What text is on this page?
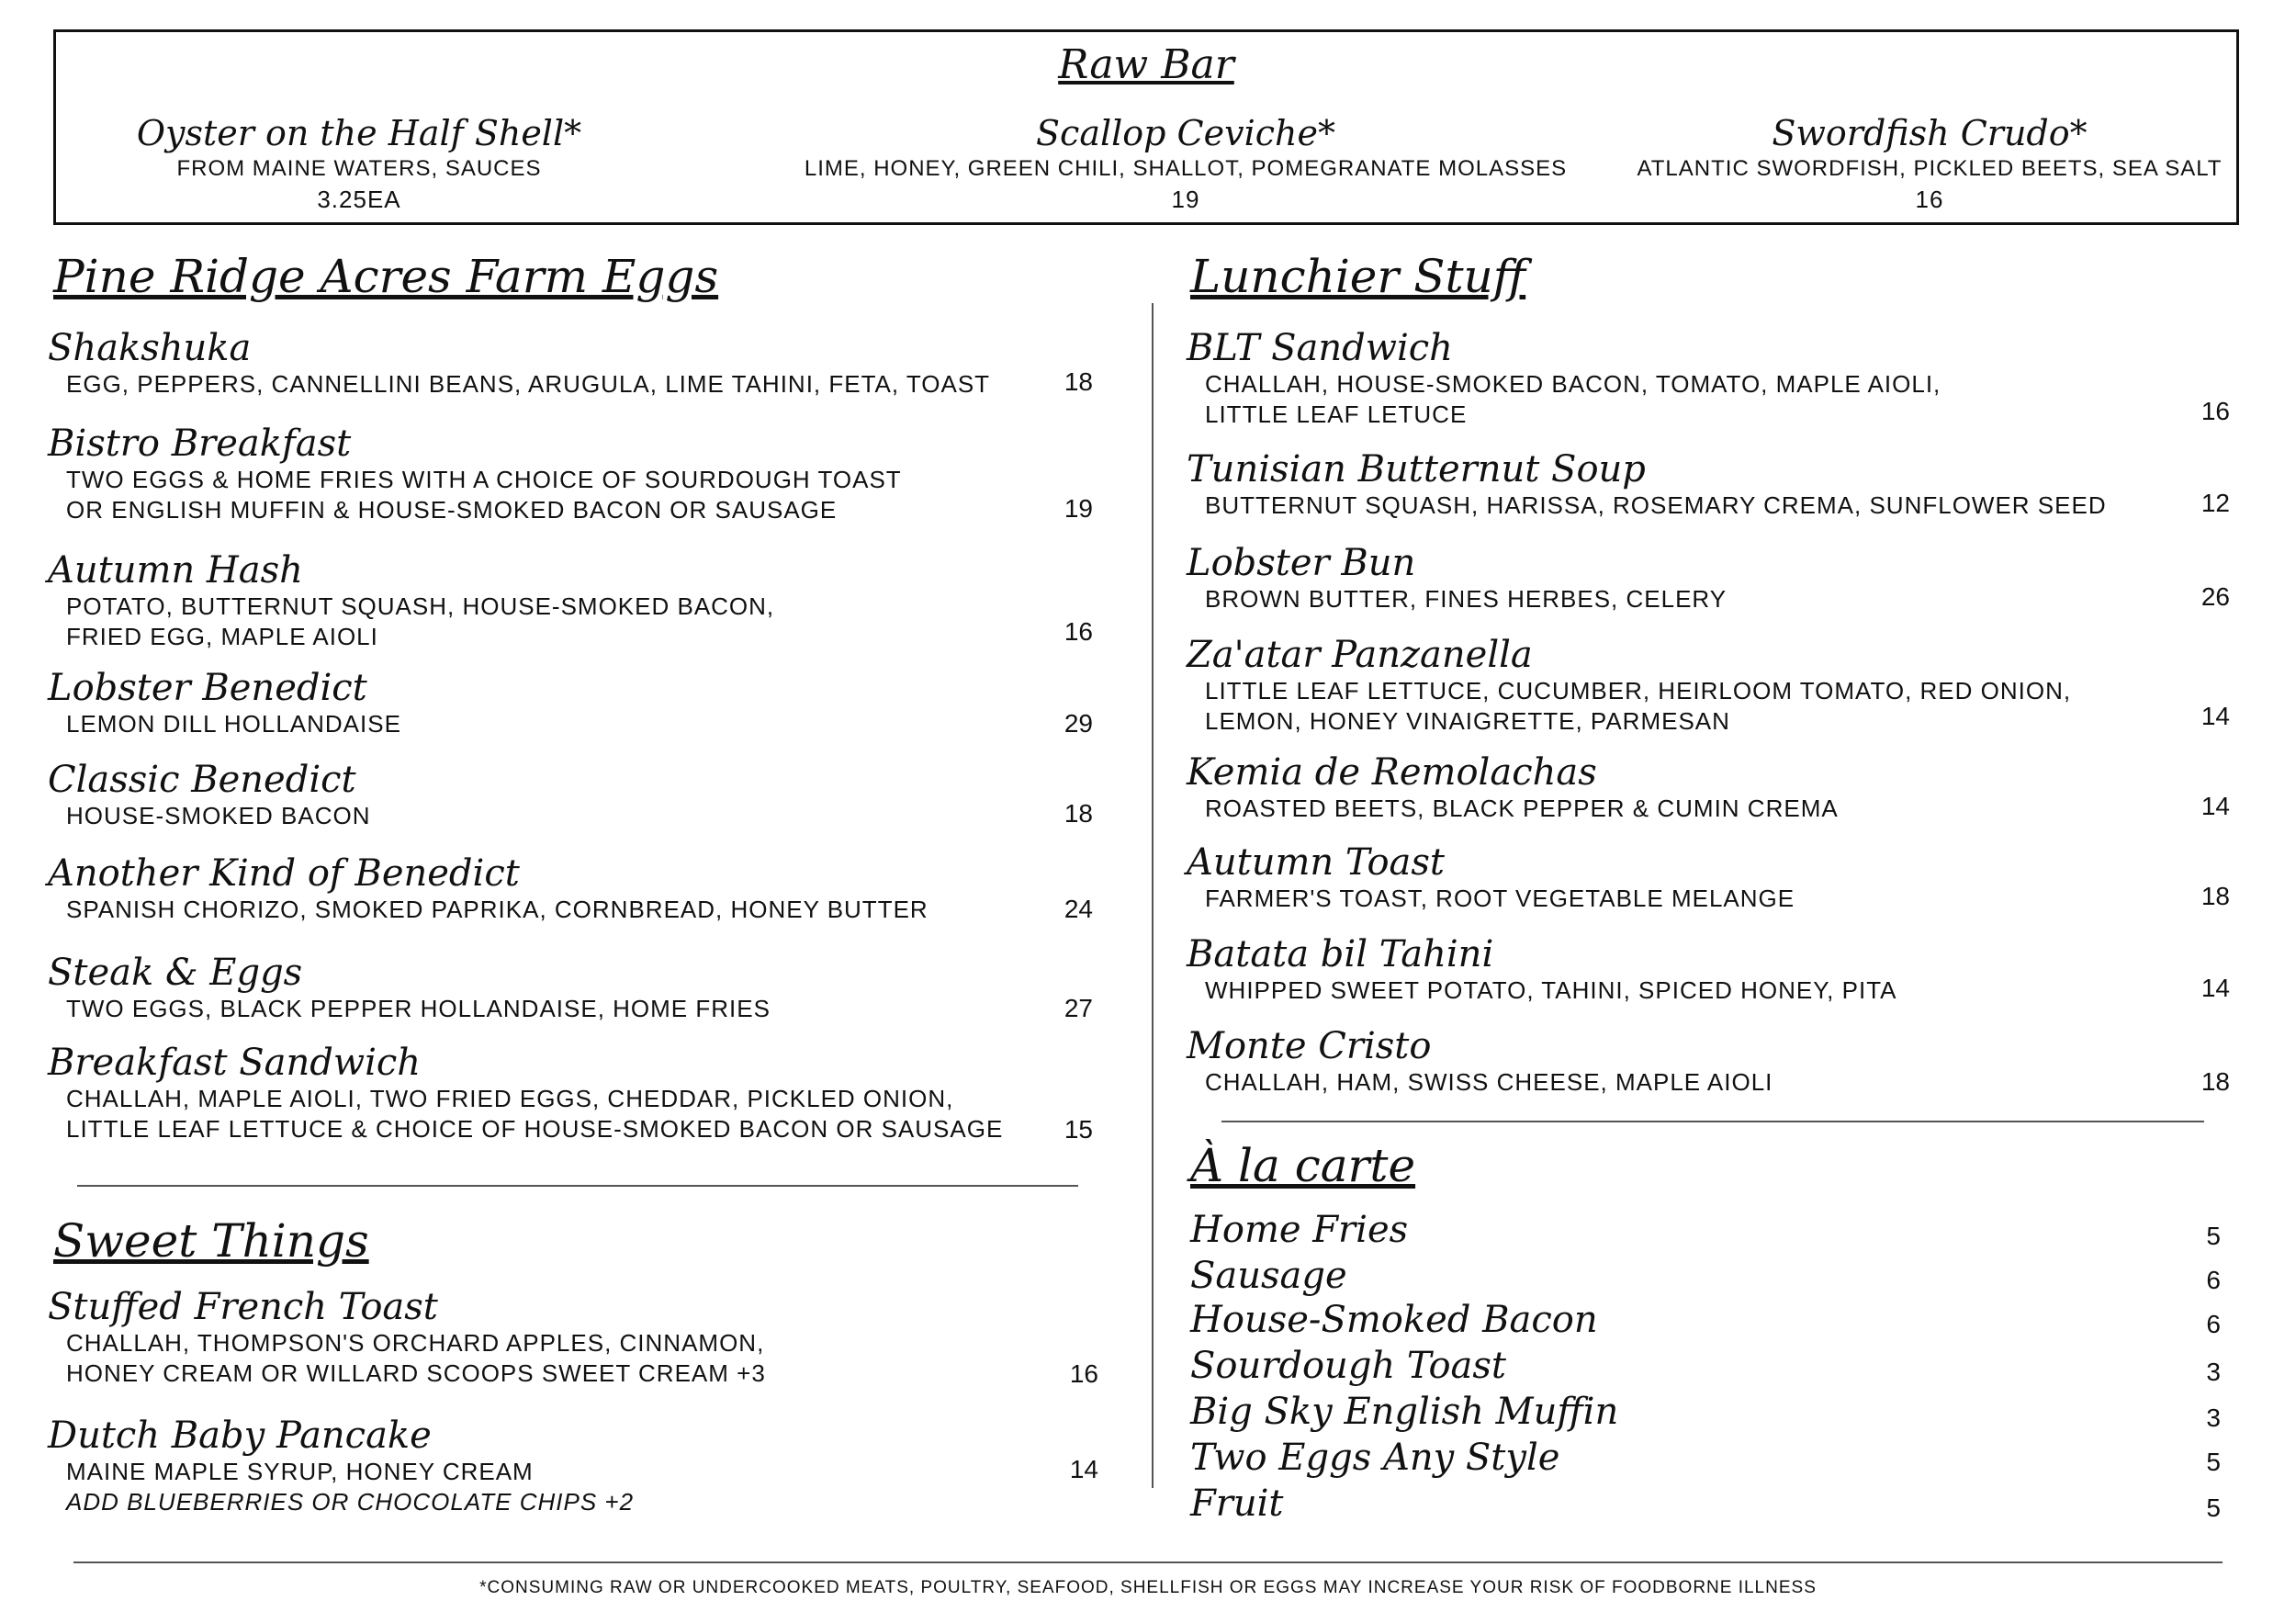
Raw Bar
Oyster on the Half Shell*
FROM MAINE WATERS, SAUCES
3.25EA
Scallop Ceviche*
LIME, HONEY, GREEN CHILI, SHALLOT, POMEGRANATE MOLASSES
19
Swordfish Crudo*
ATLANTIC SWORDFISH, PICKLED BEETS, SEA SALT
16
Pine Ridge Acres Farm Eggs
Shakshuka
EGG, PEPPERS, CANNELLINI BEANS, ARUGULA, LIME TAHINI, FETA, TOAST	18
Bistro Breakfast
TWO EGGS & HOME FRIES WITH A CHOICE OF SOURDOUGH TOAST
OR ENGLISH MUFFIN & HOUSE-SMOKED BACON OR SAUSAGE	19
Autumn Hash
POTATO, BUTTERNUT SQUASH, HOUSE-SMOKED BACON,
FRIED EGG, MAPLE AIOLI	16
Lobster Benedict
LEMON DILL HOLLANDAISE	29
Classic Benedict
HOUSE-SMOKED BACON	18
Another Kind of Benedict
SPANISH CHORIZO, SMOKED PAPRIKA, CORNBREAD, HONEY BUTTER	24
Steak & Eggs
TWO EGGS, BLACK PEPPER HOLLANDAISE, HOME FRIES	27
Breakfast Sandwich
CHALLAH, MAPLE AIOLI, TWO FRIED EGGS, CHEDDAR, PICKLED ONION,
LITTLE LEAF LETTUCE & CHOICE OF HOUSE-SMOKED BACON OR SAUSAGE	15
Sweet Things
Stuffed French Toast
CHALLAH, THOMPSON'S ORCHARD APPLES, CINNAMON,
HONEY CREAM OR WILLARD SCOOPS SWEET CREAM +3	16
Dutch Baby Pancake
MAINE MAPLE SYRUP, HONEY CREAM
ADD BLUEBERRIES OR CHOCOLATE CHIPS +2
14
Lunchier Stuff
BLT Sandwich
CHALLAH, HOUSE-SMOKED BACON, TOMATO, MAPLE AIOLI,
LITTLE LEAF LETUCE	16
Tunisian Butternut Soup
BUTTERNUT SQUASH, HARISSA, ROSEMARY CREMA, SUNFLOWER SEED	12
Lobster Bun
BROWN BUTTER, FINES HERBES, CELERY	26
Za'atar Panzanella
LITTLE LEAF LETTUCE, CUCUMBER, HEIRLOOM TOMATO, RED ONION,
LEMON, HONEY VINAIGRETTE, PARMESAN	14
Kemia de Remolachas
ROASTED BEETS, BLACK PEPPER & CUMIN CREMA	14
Autumn Toast
FARMER'S TOAST, ROOT VEGETABLE MELANGE	18
Batata bil Tahini
WHIPPED SWEET POTATO, TAHINI, SPICED HONEY, PITA	14
Monte Cristo
CHALLAH, HAM, SWISS CHEESE, MAPLE AIOLI	18
À la carte
Home Fries	5
Sausage	6
House-Smoked Bacon	6
Sourdough Toast	3
Big Sky English Muffin	3
Two Eggs Any Style	5
Fruit	5
*CONSUMING RAW OR UNDERCOOKED MEATS, POULTRY, SEAFOOD, SHELLFISH OR EGGS MAY INCREASE YOUR RISK OF FOODBORNE ILLNESS
